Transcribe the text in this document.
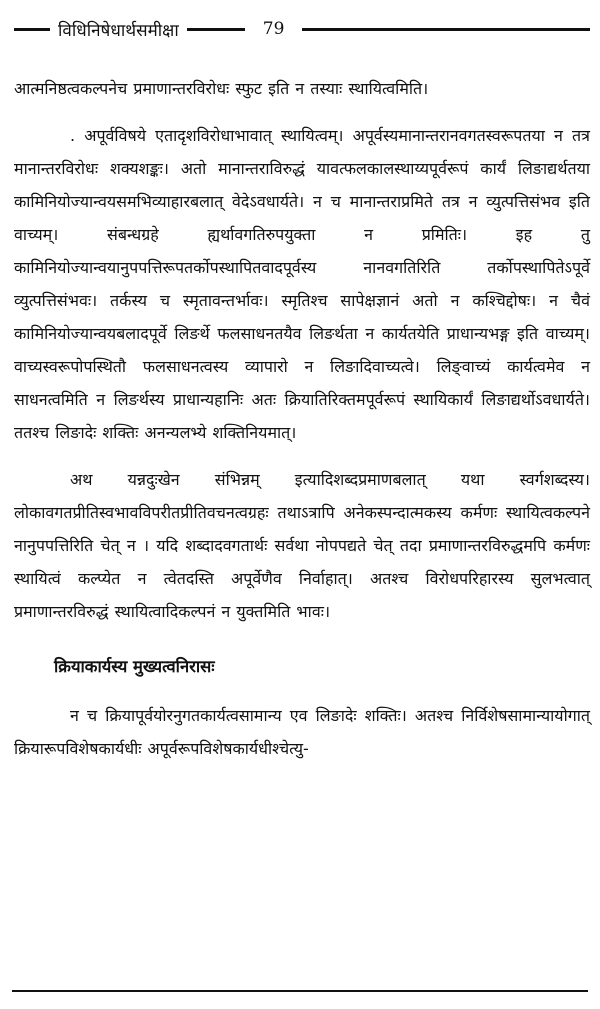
विधिनिषेधार्थसमीक्षा	79

आत्मनिष्ठत्वकल्पनेच प्रमाणान्तरविरोधः स्फुट इति न तस्याः स्थायित्वमिति।

. अपूर्वविषये एतादृशविरोधाभावात् स्थायित्वम्। अपूर्वस्यमानान्तरानवगतस्वरूपतया न तत्र मानान्तरविरोधः शक्यशङ्कः। अतो मानान्तराविरुद्धं यावत्फलकालस्थाय्यपूर्वरूपं कार्यं लिङाद्यर्थतया कामिनियोज्यान्वयसमभिव्याहारबलात् वेदेऽवधार्यते। न च मानान्तराप्रमिते तत्र न व्युत्पत्तिसंभव इति वाच्यम्। संबन्धग्रहे ह्यर्थावगतिरुपयुक्ता न प्रमितिः। इह तु कामिनियोज्यान्वयानुपपत्तिरूपतर्कोपस्थापितवादपूर्वस्य नानवगतिरिति तर्कोपस्थापितेऽपूर्वे व्युत्पत्तिसंभवः। तर्कस्य च स्मृतावन्तर्भावः। स्मृतिश्च सापेक्षज्ञानं अतो न कश्चिद्दोषः। न चैवं कामिनियोज्यान्वयबलादपूर्वे लिङर्थे फलसाधनतयैव लिङर्थता न कार्यतयेति प्राधान्यभङ्ग इति वाच्यम्। वाच्यस्वरूपोपस्थितौ फलसाधनत्वस्य व्यापारो न लिङादिवाच्यत्वे। लिङ्वाच्यं कार्यत्वमेव न साधनत्वमिति न लिङर्थस्य प्राधान्यहानिः अतः क्रियातिरिक्तमपूर्वरूपं स्थायिकार्यं लिङाद्यर्थोऽवधार्यते। ततश्च लिङादेः शक्तिः अनन्यलभ्ये शक्तिनियमात्।

अथ यन्नदुःखेन संभिन्नम् इत्यादिशब्दप्रमाणबलात् यथा स्वर्गशब्दस्य। लोकावगतप्रीतिस्वभावविपरीतप्रीतिवचनत्वग्रहः तथाऽत्रापि अनेकस्पन्दात्मकस्य कर्मणः स्थायित्वकल्पने नानुपपत्तिरिति चेत् न । यदि शब्दादवगतार्थः सर्वथा नोपपद्यते चेत् तदा प्रमाणान्तरविरुद्धमपि कर्मणः स्थायित्वं कल्प्येत न त्वेतदस्ति अपूर्वेणैव निर्वाहात्। अतश्च विरोधपरिहारस्य सुलभत्वात् प्रमाणान्तरविरुद्धं स्थायित्वादिकल्पनं न युक्तमिति भावः।

क्रियाकार्यस्य मुख्यत्वनिरासः

न च क्रियापूर्वयोरनुगतकार्यत्वसामान्य एव लिङादेः शक्तिः। अतश्च निर्विशेषसामान्यायोगात् क्रियारूपविशेषकार्यधीः अपूर्वरूपविशेषकार्यधीश्चेत्यु-
